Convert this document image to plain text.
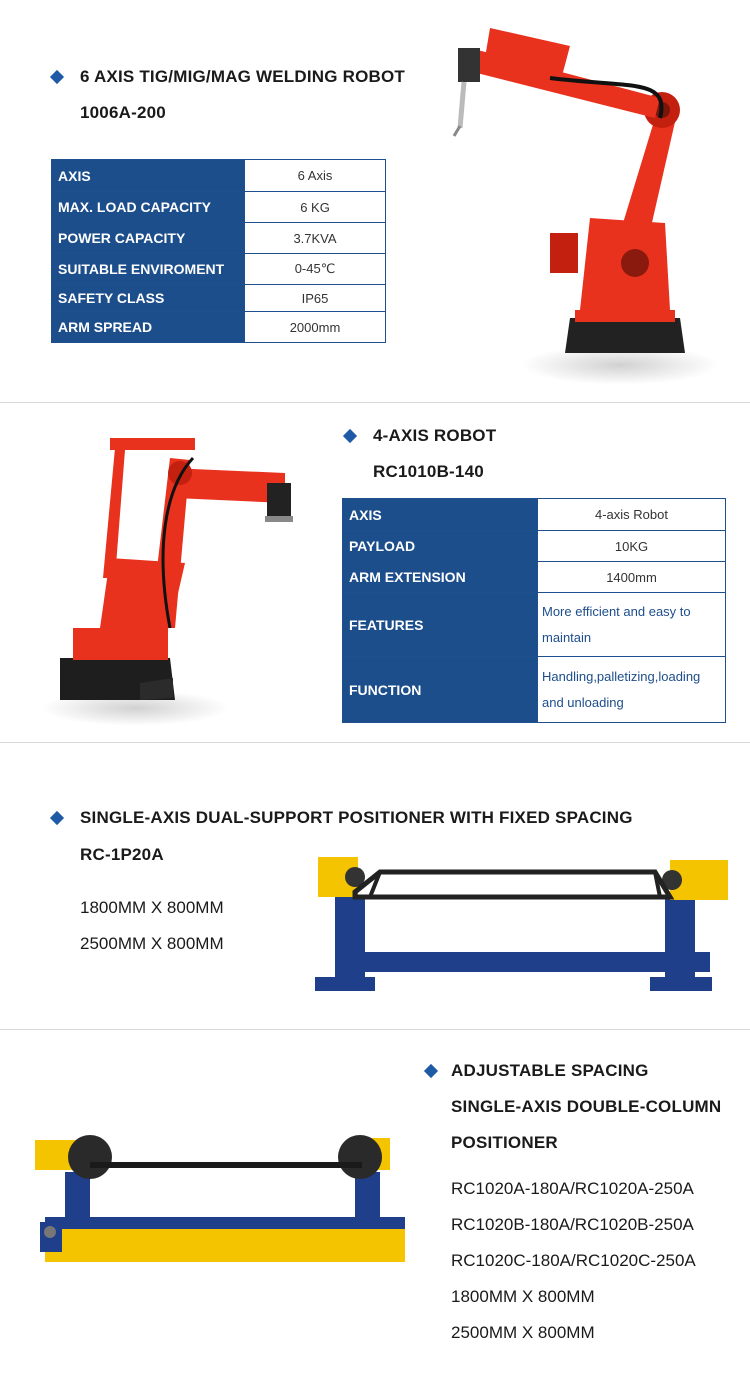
6 AXIS TIG/MIG/MAG WELDING ROBOT
1006A-200
AXIS	6 Axis
MAX. LOAD CAPACITY	6 KG
POWER CAPACITY	3.7KVA
SUITABLE ENVIROMENT	0-45℃
SAFETY CLASS	IP65
ARM SPREAD	2000mm
4-AXIS ROBOT
RC1010B-140
AXIS	4-axis Robot
PAYLOAD	10KG
ARM EXTENSION	1400mm
FEATURES	More efficient and easy to maintain
FUNCTION	Handling,palletizing,loading and unloading
SINGLE-AXIS DUAL-SUPPORT POSITIONER WITH FIXED SPACING
RC-1P20A
1800MM X 800MM
2500MM X 800MM
ADJUSTABLE SPACING
SINGLE-AXIS DOUBLE-COLUMN
POSITIONER
RC1020A-180A/RC1020A-250A
RC1020B-180A/RC1020B-250A
RC1020C-180A/RC1020C-250A
1800MM X 800MM
2500MM X 800MM
